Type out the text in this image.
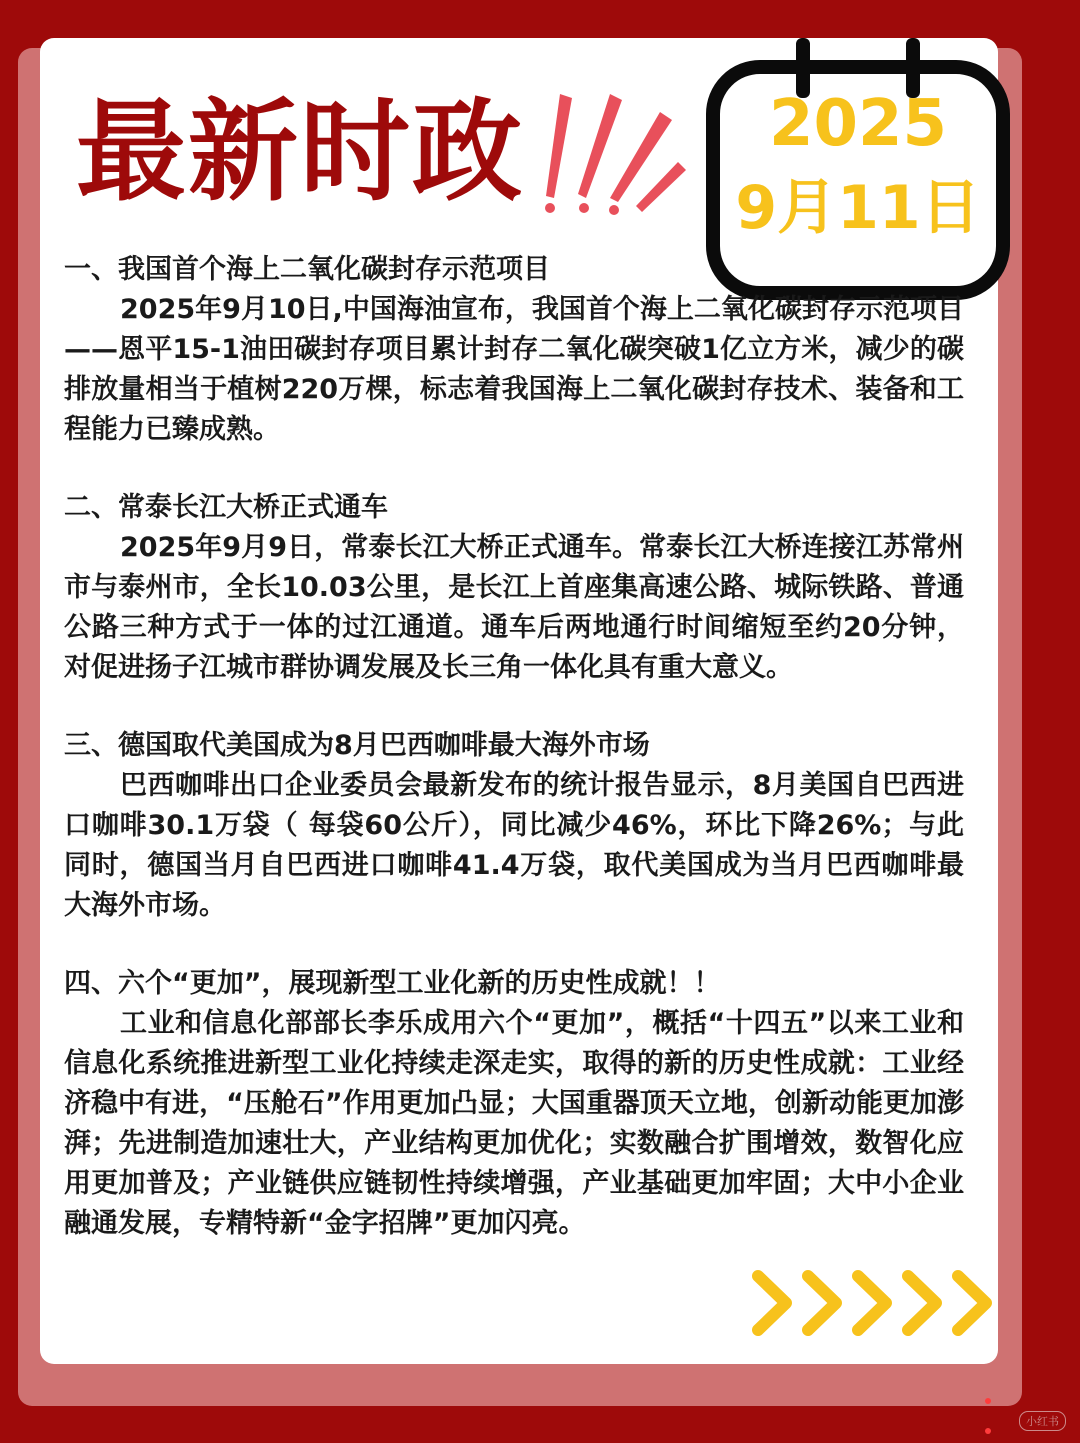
最新时政	2025
9月11日

一、我国首个海上二氧化碳封存示范项目

2025年9月10日,中国海油宣布，我国首个海上二氧化碳封存示范项目——恩平15-1油田碳封存项目累计封存二氧化碳突破1亿立方米，减少的碳排放量相当于植树220万棵，标志着我国海上二氧化碳封存技术、装备和工程能力已臻成熟。

二、常泰长江大桥正式通车

2025年9月9日，常泰长江大桥正式通车。常泰长江大桥连接江苏常州市与泰州市，全长10.03公里，是长江上首座集高速公路、城际铁路、普通公路三种方式于一体的过江通道。通车后两地通行时间缩短至约20分钟，对促进扬子江城市群协调发展及长三角一体化具有重大意义。

三、德国取代美国成为8月巴西咖啡最大海外市场

巴西咖啡出口企业委员会最新发布的统计报告显示，8月美国自巴西进口咖啡30.1万袋（ 每袋60公斤），同比减少46%，环比下降26%；与此同时，德国当月自巴西进口咖啡41.4万袋，取代美国成为当月巴西咖啡最大海外市场。

四、六个“更加”，展现新型工业化新的历史性成就！！

工业和信息化部部长李乐成用六个“更加”，概括“十四五”以来工业和信息化系统推进新型工业化持续走深走实，取得的新的历史性成就：工业经济稳中有进，“压舱石”作用更加凸显；大国重器顶天立地，创新动能更加澎湃；先进制造加速壮大，产业结构更加优化；实数融合扩围增效，数智化应用更加普及；产业链供应链韧性持续增强，产业基础更加牢固；大中小企业融通发展，专精特新“金字招牌”更加闪亮。

小红书
